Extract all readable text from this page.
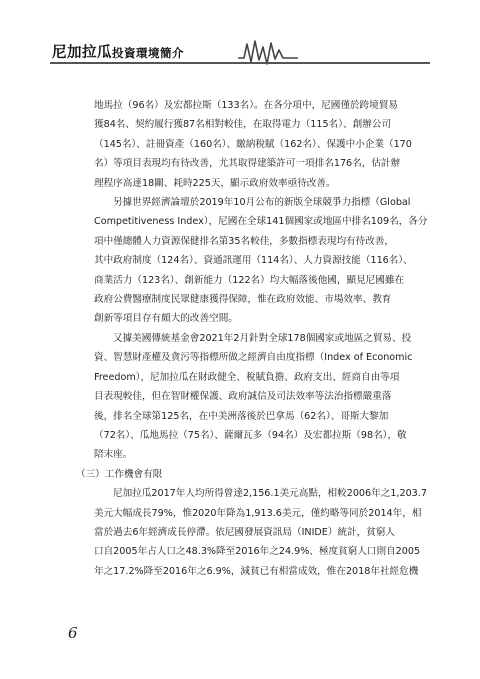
尼加拉瓜投資環境簡介

地馬拉（96名）及宏都拉斯（133名）。在各分項中，尼國僅於跨境貿易
獲84名、契約履行獲87名相對較佳，在取得電力（115名）、創辦公司
（145名）、註冊資產（160名）、繳納稅賦（162名）、保護中小企業（170
名）等項目表現均有待改善，尤其取得建築許可一項排名176名，估計辦
理程序高達18關、耗時225天，顯示政府效率亟待改善。

另據世界經濟論壇於2019年10月公布的新版全球競爭力指標（Global
Competitiveness Index），尼國在全球141個國家或地區中排名109名，各分
項中僅總體人力資源保健排名第35名較佳，多數指標表現均有待改善，
其中政府制度（124名）、資通訊運用（114名）、人力資源技能（116名）、
商業活力（123名）、創新能力（122名）均大幅落後他國，顯見尼國雖在
政府公費醫療制度民眾健康獲得保障，惟在政府效能、市場效率、教育
創新等項目存有頗大的改善空間。

又據美國傳統基金會2021年2月針對全球178個國家或地區之貿易、投
資、智慧財產權及貪污等指標所做之經濟自由度指標（Index of Economic
Freedom），尼加拉瓜在財政健全、稅賦負擔、政府支出、經商自由等項
目表現較佳，但在智財權保護、政府誠信及司法效率等法治指標嚴重落
後，排名全球第125名，在中美洲落後於巴拿馬（62名）、哥斯大黎加
（72名）、瓜地馬拉（75名）、薩爾瓦多（94名）及宏都拉斯（98名），敬
陪末座。

（三）工作機會有限

尼加拉瓜2017年人均所得曾達2,156.1美元高點，相較2006年之1,203.7
美元大幅成長79%，惟2020年降為1,913.6美元，僅約略等同於2014年，相
當於過去6年經濟成長停滯。依尼國發展資訊局（INIDE）統計，貧窮人
口自2005年占人口之48.3%降至2016年之24.9%、極度貧窮人口則自2005
年之17.2%降至2016年之6.9%，減貧已有相當成效，惟在2018年社經危機

6
